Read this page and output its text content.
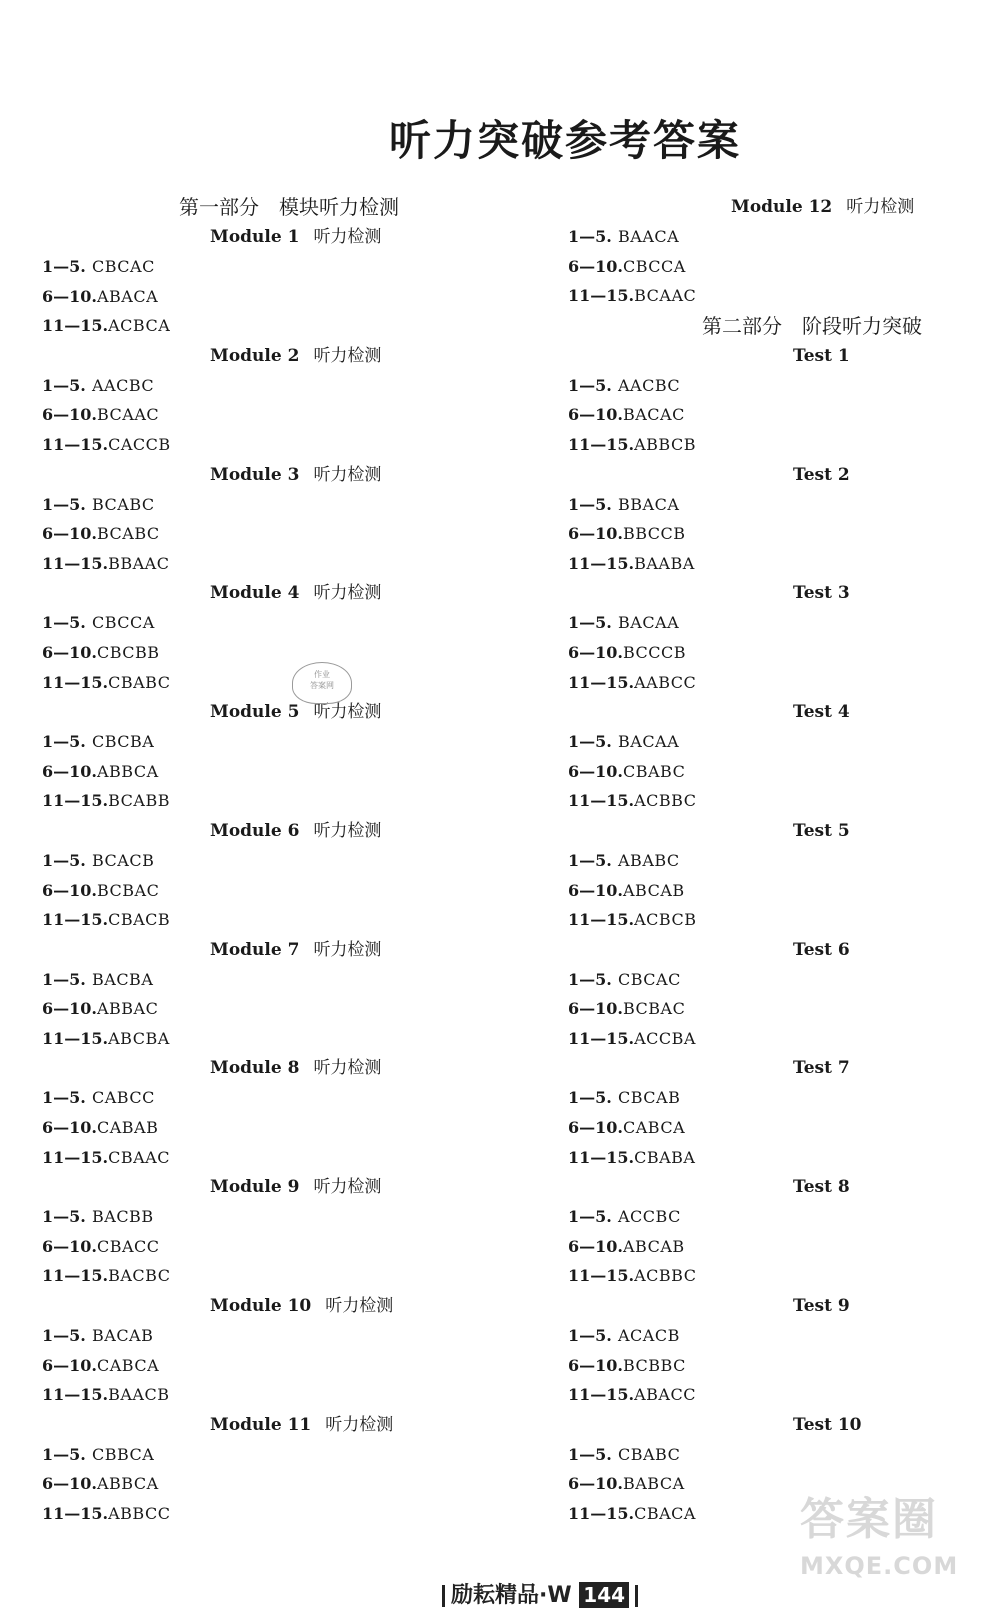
听力突破参考答案
第一部分　模块听力检测
Module 1 听力检测
1—5. CBCAC
6—10.ABACA
11—15.ACBCA
Module 2 听力检测
1—5. AACBC
6—10.BCAAC
11—15.CACCB
Module 3 听力检测
1—5. BCABC
6—10.BCABC
11—15.BBAAC
Module 4 听力检测
1—5. CBCCA
6—10.CBCBB
11—15.CBABC
Module 5 听力检测
1—5. CBCBA
6—10.ABBCA
11—15.BCABB
Module 6 听力检测
1—5. BCACB
6—10.BCBAC
11—15.CBACB
Module 7 听力检测
1—5. BACBA
6—10.ABBAC
11—15.ABCBA
Module 8 听力检测
1—5. CABCC
6—10.CABAB
11—15.CBAAC
Module 9 听力检测
1—5. BACBB
6—10.CBACC
11—15.BACBC
Module 10 听力检测
1—5. BACAB
6—10.CABCA
11—15.BAACB
Module 11 听力检测
1—5. CBBCA
6—10.ABBCA
11—15.ABBCC
Module 12 听力检测
1—5. BAACA
6—10.CBCCA
11—15.BCAAC
第二部分　阶段听力突破
Test 1
1—5. AACBC
6—10.BACAC
11—15.ABBCB
Test 2
1—5. BBACA
6—10.BBCCB
11—15.BAABA
Test 3
1—5. BACAA
6—10.BCCCB
11—15.AABCC
Test 4
1—5. BACAA
6—10.CBABC
11—15.ACBBC
Test 5
1—5. ABABC
6—10.ABCAB
11—15.ACBCB
Test 6
1—5. CBCAC
6—10.BCBAC
11—15.ACCBA
Test 7
1—5. CBCAB
6—10.CABCA
11—15.CBABA
Test 8
1—5. ACCBC
6—10.ABCAB
11—15.ACBBC
Test 9
1—5. ACACB
6—10.BCBBC
11—15.ABACC
Test 10
1—5. CBABC
6—10.BABCA
11—15.CBACA
作业
答案网
答案圈
MXQE.COM
励耘精品·W 144
